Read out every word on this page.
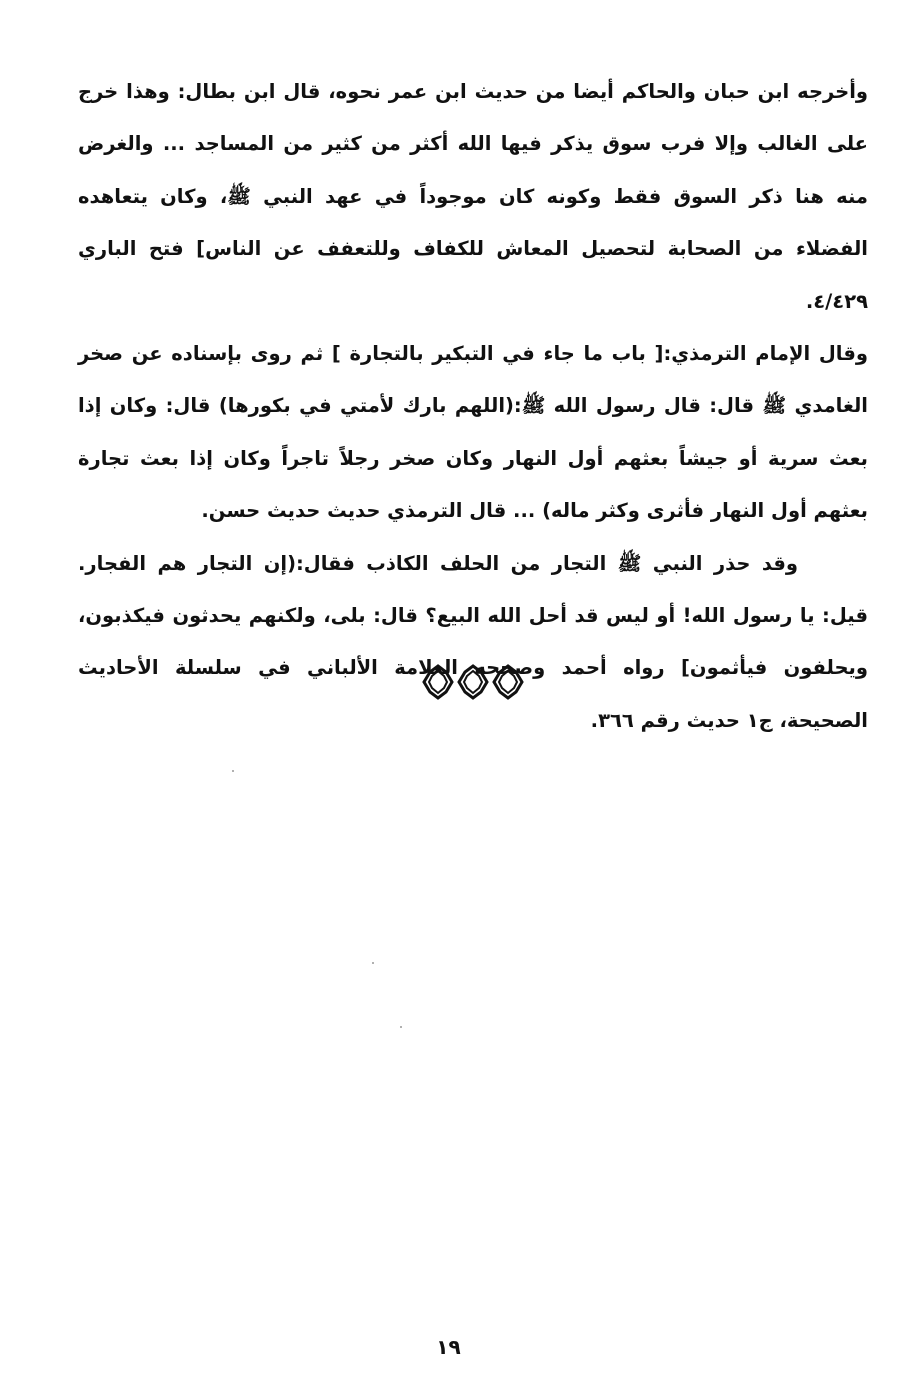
وأخرجه ابن حبان والحاكم أيضا من حديث ابن عمر نحوه، قال ابن بطال: وهذا خرج على الغالب وإلا فرب سوق يذكر فيها الله أكثر من كثير من المساجد ... والغرض منه هنا ذكر السوق فقط وكونه كان موجوداً في عهد النبي ﷺ، وكان يتعاهده الفضلاء من الصحابة لتحصيل المعاش للكفاف وللتعفف عن الناس] فتح الباري ٤/٤٢٩.

وقال الإمام الترمذي:[ باب ما جاء في التبكير بالتجارة ] ثم روى بإسناده عن صخر الغامدي ﷺ قال: قال رسول الله ﷺ:(اللهم بارك لأمتي في بكورها) قال: وكان إذا بعث سرية أو جيشاً بعثهم أول النهار وكان صخر رجلاً تاجراً وكان إذا بعث تجارة بعثهم أول النهار فأثرى وكثر ماله) ... قال الترمذي حديث حديث حسن.

وقد حذر النبي ﷺ التجار من الحلف الكاذب فقال:(إن التجار هم الفجار. قيل: يا رسول الله! أو ليس قد أحل الله البيع؟ قال: بلى، ولكنهم يحدثون فيكذبون، ويحلفون فيأثمون] رواه أحمد وصححه العلامة الألباني في سلسلة الأحاديث الصحيحة، ج١ حديث رقم ٣٦٦.

١٩
